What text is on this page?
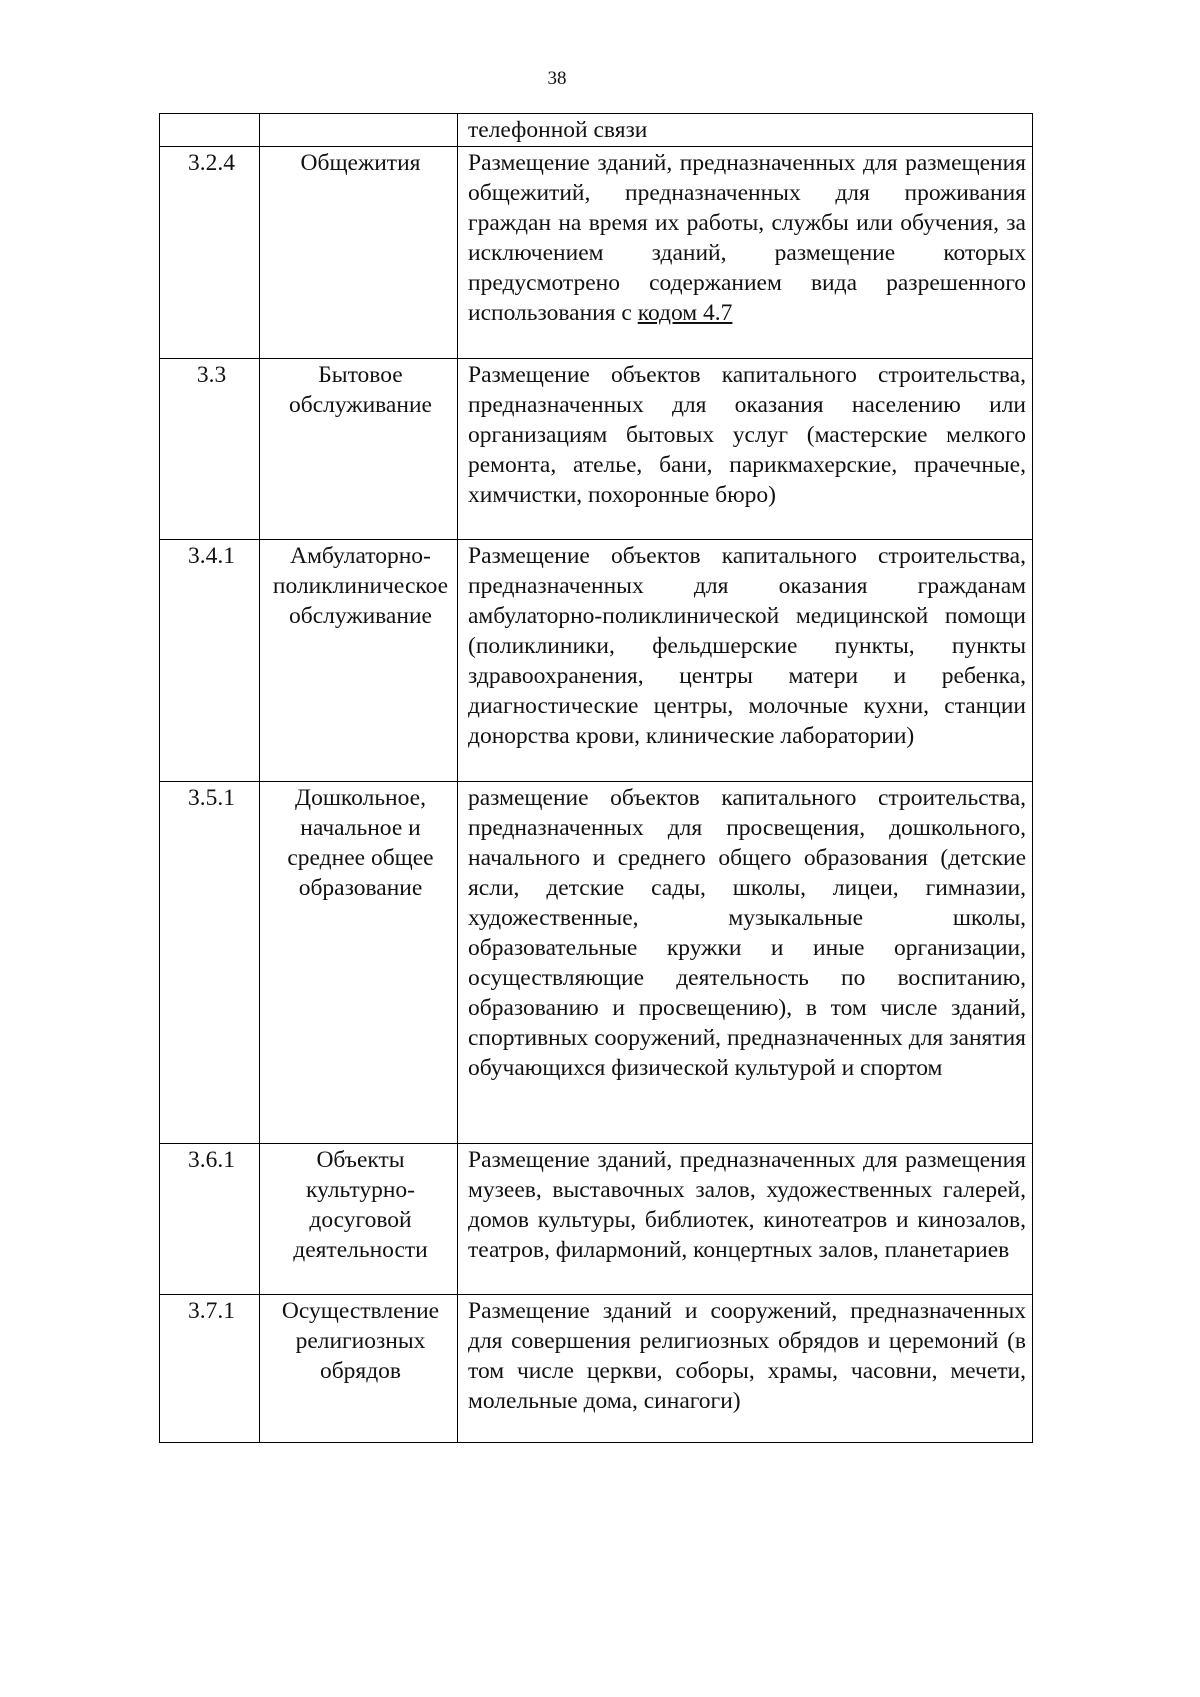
38
		телефонной связи
3.2.4	Общежития	Размещение зданий, предназначенных для размещения общежитий, предназначенных для проживания граждан на время их работы, службы или обучения, за исключением зданий, размещение которых предусмотрено содержанием вида разрешенного использования с кодом 4.7
3.3	Бытовое обслуживание	Размещение объектов капитального строительства, предназначенных для оказания населению или организациям бытовых услуг (мастерские мелкого ремонта, ателье, бани, парикмахерские, прачечные, химчистки, похоронные бюро)
3.4.1	Амбулаторно-поликлиническое обслуживание	Размещение объектов капитального строительства, предназначенных для оказания гражданам амбулаторно-поликлинической медицинской помощи (поликлиники, фельдшерские пункты, пункты здравоохранения, центры матери и ребенка, диагностические центры, молочные кухни, станции донорства крови, клинические лаборатории)
3.5.1	Дошкольное, начальное и среднее общее образование	размещение объектов капитального строительства, предназначенных для просвещения, дошкольного, начального и среднего общего образования (детские ясли, детские сады, школы, лицеи, гимназии, художественные, музыкальные школы, образовательные кружки и иные организации, осуществляющие деятельность по воспитанию, образованию и просвещению), в том числе зданий, спортивных сооружений, предназначенных для занятия обучающихся физической культурой и спортом
3.6.1	Объекты культурно-досуговой деятельности	Размещение зданий, предназначенных для размещения музеев, выставочных залов, художественных галерей, домов культуры, библиотек, кинотеатров и кинозалов, театров, филармоний, концертных залов, планетариев
3.7.1	Осуществление религиозных обрядов	Размещение зданий и сооружений, предназначенных для совершения религиозных обрядов и церемоний (в том числе церкви, соборы, храмы, часовни, мечети, молельные дома, синагоги)
